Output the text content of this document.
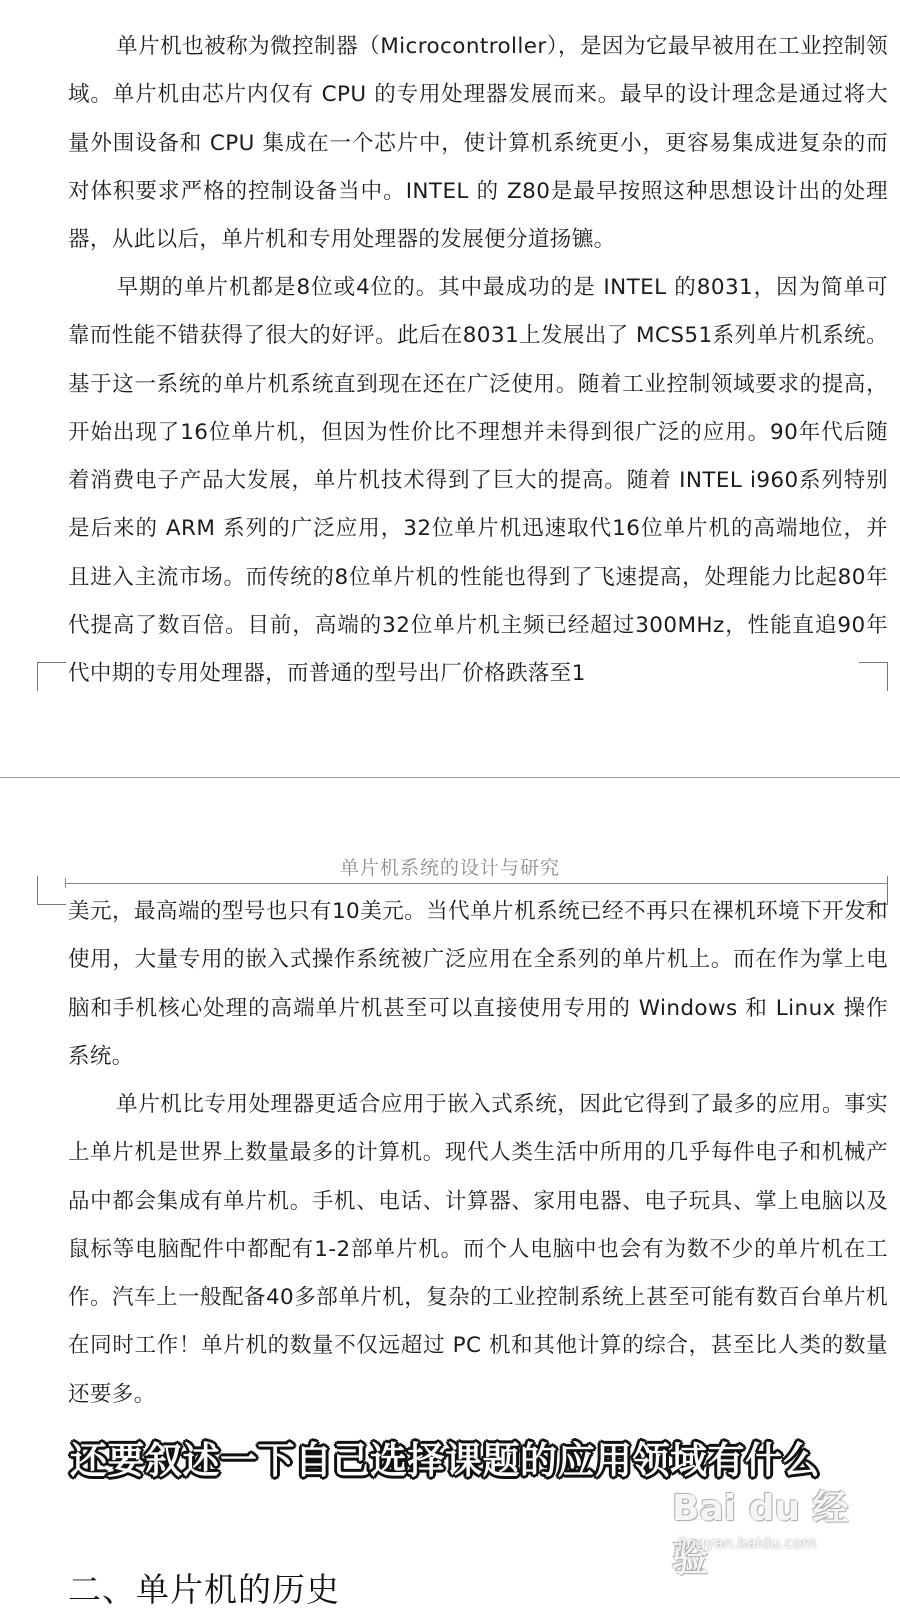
单片机也被称为微控制器（Microcontroller），是因为它最早被用在工业控制领域。单片机由芯片内仅有 CPU 的专用处理器发展而来。最早的设计理念是通过将大量外围设备和 CPU 集成在一个芯片中，使计算机系统更小，更容易集成进复杂的而对体积要求严格的控制设备当中。INTEL 的 Z80是最早按照这种思想设计出的处理器，从此以后，单片机和专用处理器的发展便分道扬镳。

早期的单片机都是8位或4位的。其中最成功的是 INTEL 的8031，因为简单可靠而性能不错获得了很大的好评。此后在8031上发展出了 MCS51系列单片机系统。基于这一系统的单片机系统直到现在还在广泛使用。随着工业控制领域要求的提高，开始出现了16位单片机，但因为性价比不理想并未得到很广泛的应用。90年代后随着消费电子产品大发展，单片机技术得到了巨大的提高。随着 INTEL i960系列特别是后来的 ARM 系列的广泛应用，32位单片机迅速取代16位单片机的高端地位，并且进入主流市场。而传统的8位单片机的性能也得到了飞速提高，处理能力比起80年代提高了数百倍。目前，高端的32位单片机主频已经超过300MHz，性能直追90年代中期的专用处理器，而普通的型号出厂价格跌落至1

单片机系统的设计与研究

美元，最高端的型号也只有10美元。当代单片机系统已经不再只在裸机环境下开发和使用，大量专用的嵌入式操作系统被广泛应用在全系列的单片机上。而在作为掌上电脑和手机核心处理的高端单片机甚至可以直接使用专用的 Windows 和 Linux 操作系统。

单片机比专用处理器更适合应用于嵌入式系统，因此它得到了最多的应用。事实上单片机是世界上数量最多的计算机。现代人类生活中所用的几乎每件电子和机械产品中都会集成有单片机。手机、电话、计算器、家用电器、电子玩具、掌上电脑以及鼠标等电脑配件中都配有1-2部单片机。而个人电脑中也会有为数不少的单片机在工作。汽车上一般配备40多部单片机，复杂的工业控制系统上甚至可能有数百台单片机在同时工作！单片机的数量不仅远超过 PC 机和其他计算的综合，甚至比人类的数量还要多。

还要叙述一下自己选择课题的应用领域有什么
Bai du 经验
jingyan.baidu.com
二、单片机的历史
